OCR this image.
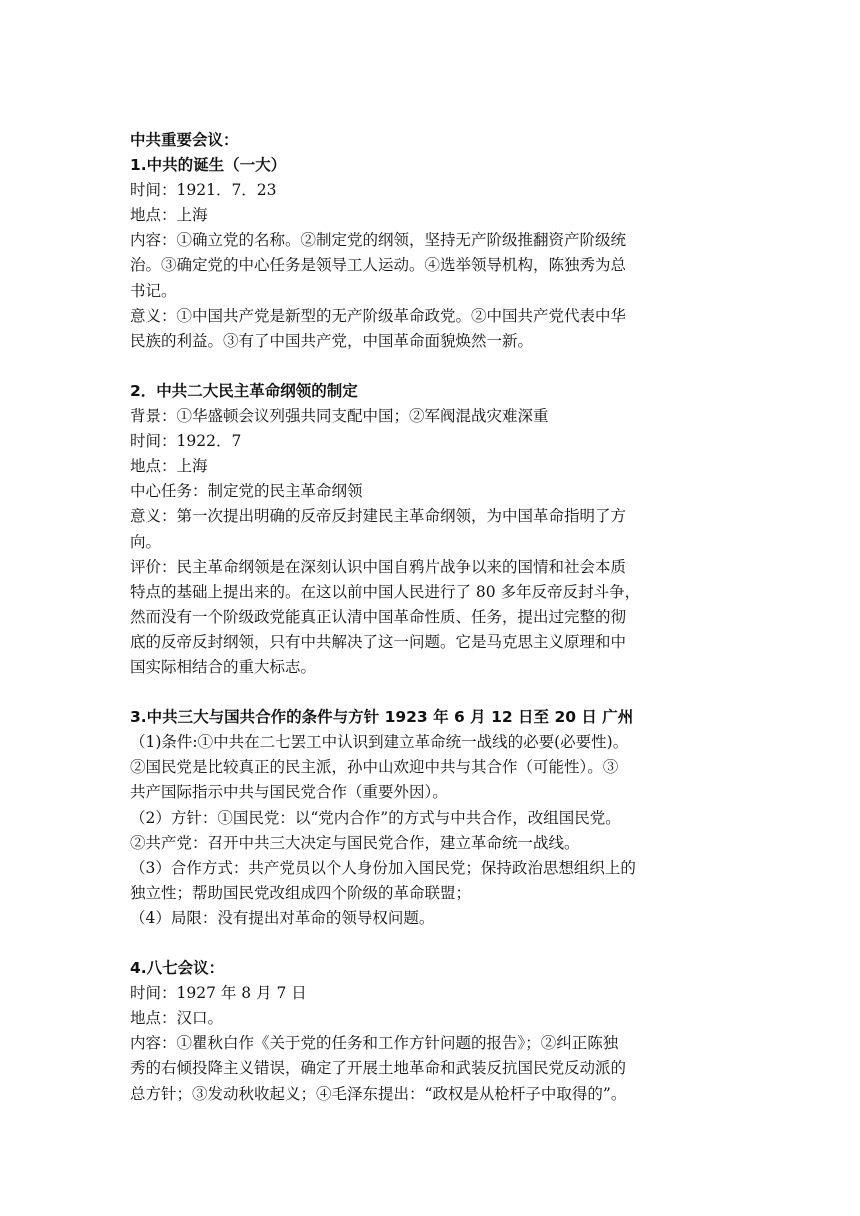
中共重要会议：
1.中共的诞生（一大）
时间：1921．7．23
地点：上海
内容：①确立党的名称。②制定党的纲领，坚持无产阶级推翻资产阶级统
治。③确定党的中心任务是领导工人运动。④选举领导机构，陈独秀为总
书记。
意义：①中国共产党是新型的无产阶级革命政党。②中国共产党代表中华
民族的利益。③有了中国共产党，中国革命面貌焕然一新。
2．中共二大民主革命纲领的制定
背景：①华盛顿会议列强共同支配中国；②军阀混战灾难深重
时间：1922．7
地点：上海
中心任务：制定党的民主革命纲领
意义：第一次提出明确的反帝反封建民主革命纲领，为中国革命指明了方
向。
评价：民主革命纲领是在深刻认识中国自鸦片战争以来的国情和社会本质
特点的基础上提出来的。在这以前中国人民进行了 80 多年反帝反封斗争，
然而没有一个阶级政党能真正认清中国革命性质、任务，提出过完整的彻
底的反帝反封纲领，只有中共解决了这一问题。它是马克思主义原理和中
国实际相结合的重大标志。
3.中共三大与国共合作的条件与方针 1923 年 6 月 12 日至 20 日 广州
（1)条件:①中共在二七罢工中认识到建立革命统一战线的必要(必要性)。
②国民党是比较真正的民主派，孙中山欢迎中共与其合作（可能性）。③
共产国际指示中共与国民党合作（重要外因）。
（2）方针：①国民党：以“党内合作”的方式与中共合作，改组国民党。
②共产党：召开中共三大决定与国民党合作，建立革命统一战线。
（3）合作方式：共产党员以个人身份加入国民党；保持政治思想组织上的
独立性；帮助国民党改组成四个阶级的革命联盟；
（4）局限：没有提出对革命的领导权问题。
4.八七会议：
时间：1927 年 8 月 7 日
地点：汉口。
内容：①瞿秋白作《关于党的任务和工作方针问题的报告》；②纠正陈独
秀的右倾投降主义错误，确定了开展土地革命和武装反抗国民党反动派的
总方针；③发动秋收起义；④毛泽东提出：“政权是从枪杆子中取得的”。
